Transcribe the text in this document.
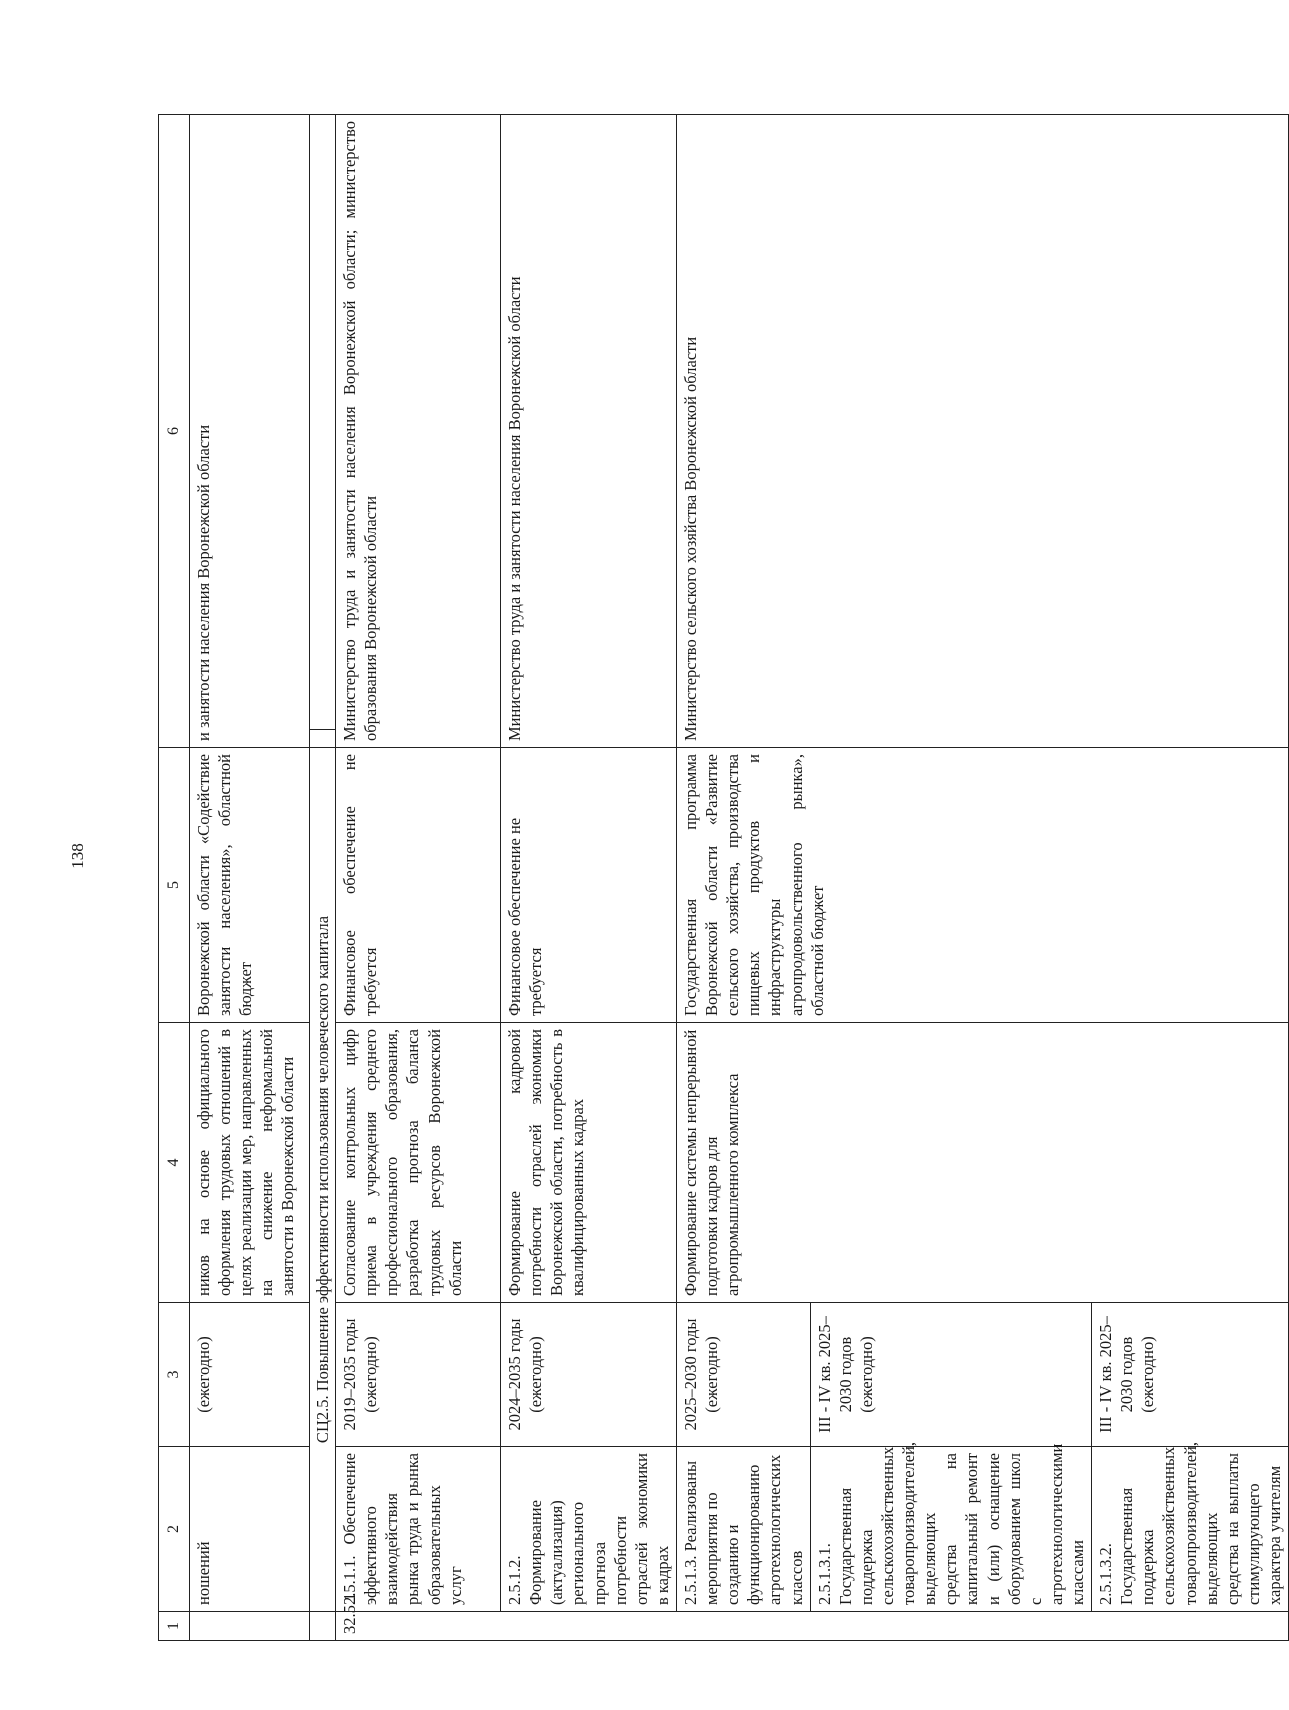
138
1	2	3	4	5	6	
	ношений	(ежегодно)	ников на основе официального оформления трудовых отношений в целях реализации мер, направленных на снижение неформальной занятости в Воронежской области	Воронежской области «Содействие занятости населения», областной бюджет	и занятости населения Воронежской области	
	СЦ2.5. Повышение эффективности использования человеческого капитала					
32.5.1	2.5.1.1. Обеспечение эффективного взаимодействия рынка труда и рынка образовательных услуг	2019–2035 годы (ежегодно)	Согласование контрольных цифр приема в учреждения среднего профессионального образования, разработка прогноза баланса трудовых ресурсов Воронежской области	Финансовое обеспечение не требуется	Министерство труда и занятости населения Воронежской области; министерство образования Воронежской области	
	2.5.1.2. Формирование (актуализация) регионального прогноза потребности отраслей экономики в кадрах	2024–2035 годы (ежегодно)	Формирование кадровой потребности отраслей экономики Воронежской области, потребность в квалифицированных кадрах	Финансовое обеспечение не требуется	Министерство труда и занятости населения Воронежской области	
	2.5.1.3. Реализованы мероприятия по созданию и функционированию агротехнологических классов	2025–2030 годы (ежегодно)	Формирование системы непрерывной подготовки кадров для агропромышленного комплекса	Государственная программа Воронежской области «Развитие сельского хозяйства, производства пищевых продуктов и инфраструктуры агропродовольственного рынка», областной бюджет	Министерство сельского хозяйства Воронежской области	
	2.5.1.3.1. Государственная поддержка сельскохозяйственных товаропроизводителей, выделяющих средства на капитальный ремонт и (или) оснащение оборудованием школ с агротехнологическими классами	III - IV кв. 2025–2030 годов (ежегодно)				
	2.5.1.3.2. Государственная поддержка сельскохозяйственных товаропроизводителей, выделяющих средства на выплаты стимулирующего характера учителям	III - IV кв. 2025–2030 годов (ежегодно)				
